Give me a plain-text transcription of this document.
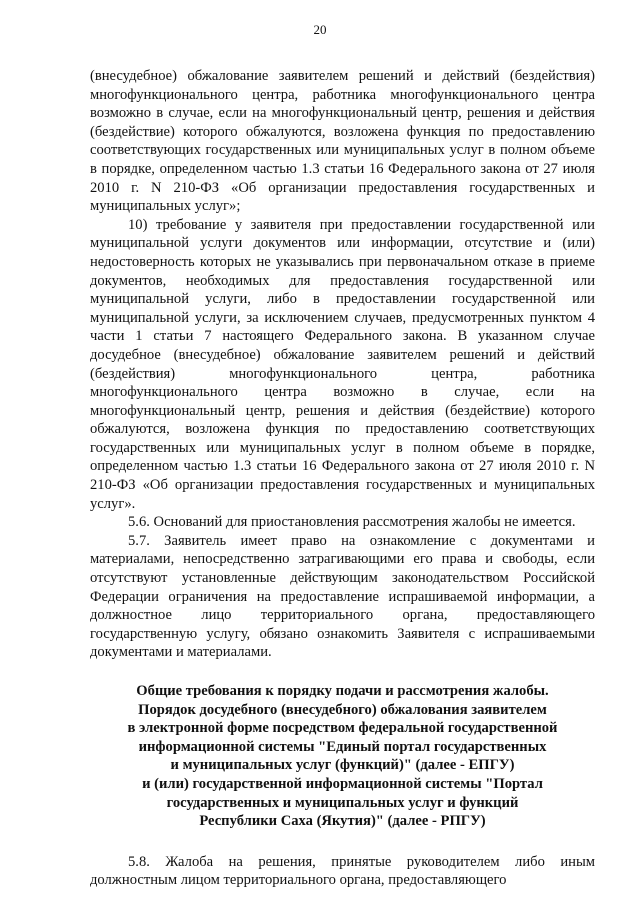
20

(внесудебное) обжалование заявителем решений и действий (бездействия) многофункционального центра, работника многофункционального центра возможно в случае, если на многофункциональный центр, решения и действия (бездействие) которого обжалуются, возложена функция по предоставлению соответствующих государственных или муниципальных услуг в полном объеме в порядке, определенном частью 1.3 статьи 16 Федерального закона от 27 июля 2010 г. N 210-ФЗ «Об организации предоставления государственных и муниципальных услуг»;

10) требование у заявителя при предоставлении государственной или муниципальной услуги документов или информации, отсутствие и (или) недостоверность которых не указывались при первоначальном отказе в приеме документов, необходимых для предоставления государственной или муниципальной услуги, либо в предоставлении государственной или муниципальной услуги, за исключением случаев, предусмотренных пунктом 4 части 1 статьи 7 настоящего Федерального закона. В указанном случае досудебное (внесудебное) обжалование заявителем решений и действий (бездействия) многофункционального центра, работника многофункционального центра возможно в случае, если на многофункциональный центр, решения и действия (бездействие) которого обжалуются, возложена функция по предоставлению соответствующих государственных или муниципальных услуг в полном объеме в порядке, определенном частью 1.3 статьи 16 Федерального закона от 27 июля 2010 г. N 210-ФЗ «Об организации предоставления государственных и муниципальных услуг».

5.6. Оснований для приостановления рассмотрения жалобы не имеется.

5.7. Заявитель имеет право на ознакомление с документами и материалами, непосредственно затрагивающими его права и свободы, если отсутствуют установленные действующим законодательством Российской Федерации ограничения на предоставление испрашиваемой информации, а должностное лицо территориального органа, предоставляющего государственную услугу, обязано ознакомить Заявителя с испрашиваемыми документами и материалами.

Общие требования к порядку подачи и рассмотрения жалобы.
Порядок досудебного (внесудебного) обжалования заявителем
в электронной форме посредством федеральной государственной
информационной системы "Единый портал государственных
и муниципальных услуг (функций)" (далее - ЕПГУ)
и (или) государственной информационной системы "Портал
государственных и муниципальных услуг и функций
Республики Саха (Якутия)" (далее - РПГУ)

5.8. Жалоба на решения, принятые руководителем либо иным должностным лицом территориального органа, предоставляющего
